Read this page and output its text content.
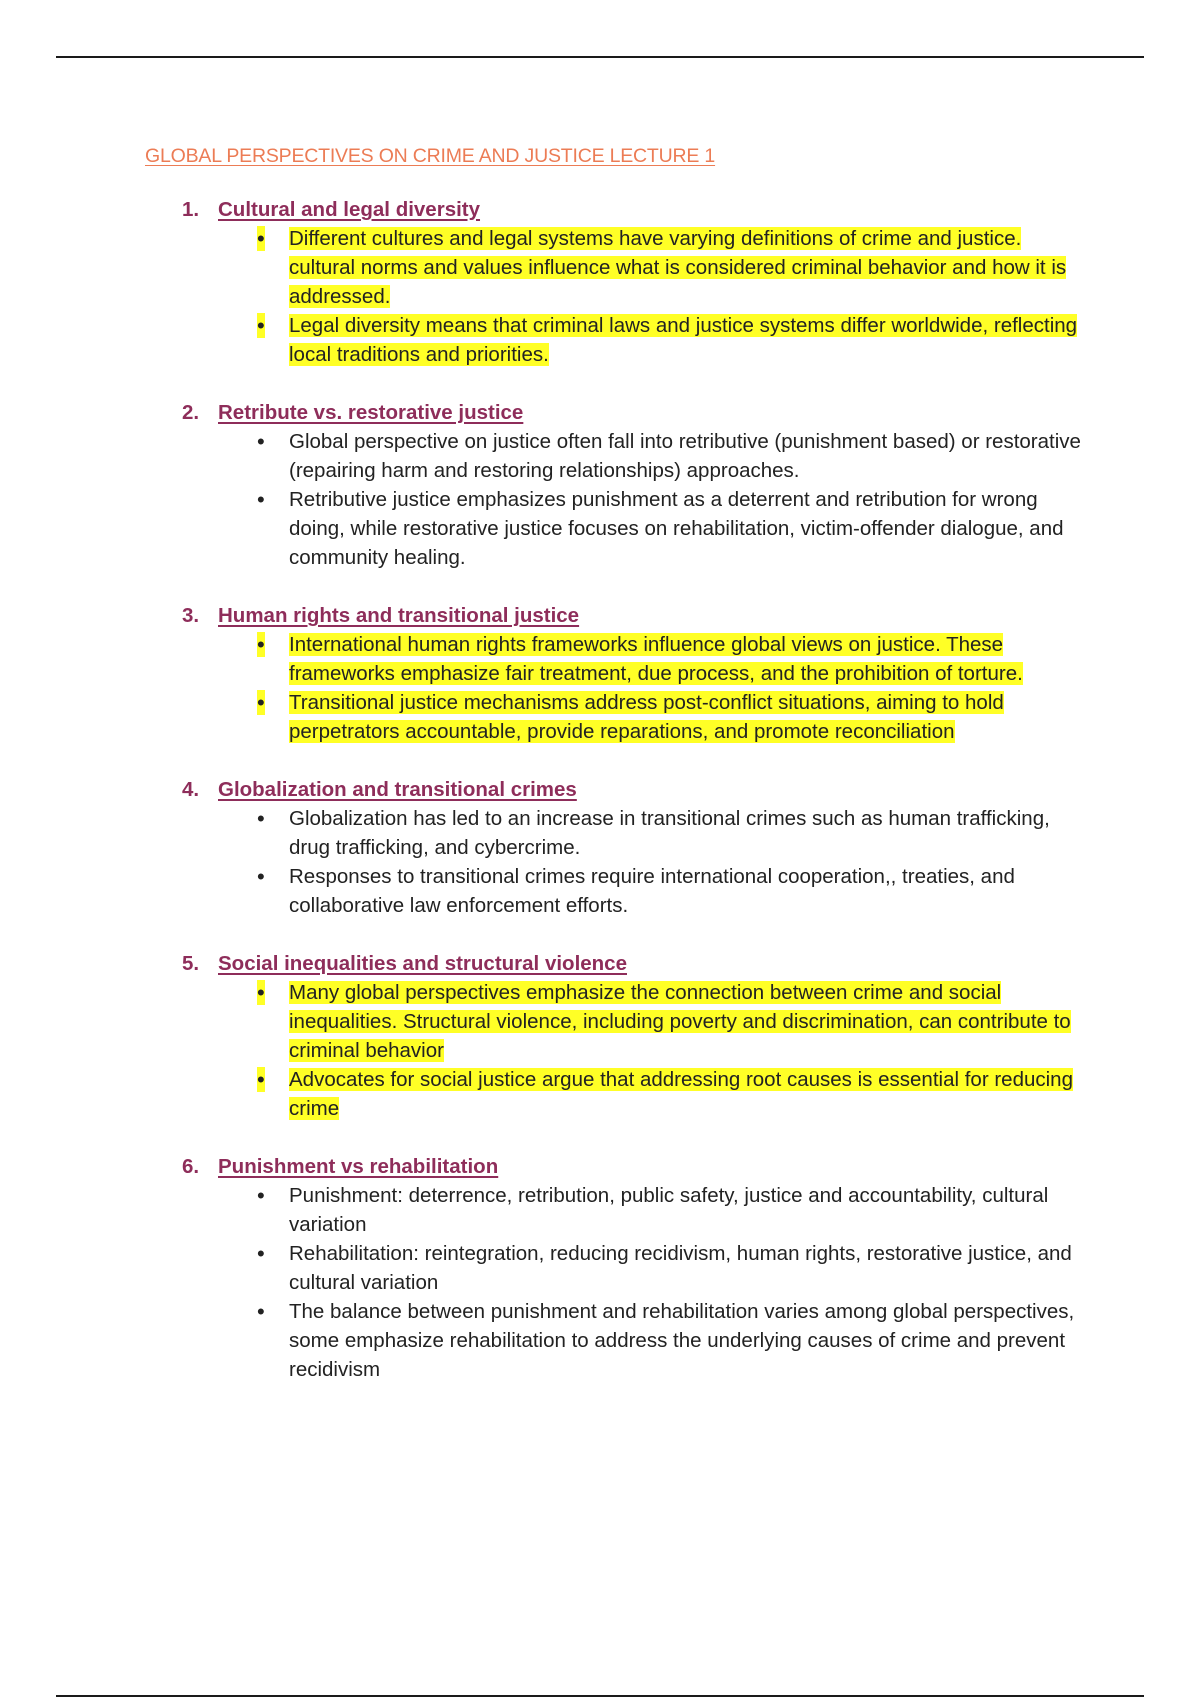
GLOBAL PERSPECTIVES ON CRIME AND JUSTICE LECTURE 1
1. Cultural and legal diversity
•	Different cultures and legal systems have varying definitions of crime and justice. cultural norms and values influence what is considered criminal behavior and how it is addressed.
•	Legal diversity means that criminal laws and justice systems differ worldwide, reflecting local traditions and priorities.
2. Retribute vs. restorative justice
•	Global perspective on justice often fall into retributive (punishment based) or restorative (repairing harm and restoring relationships) approaches.
•	Retributive justice emphasizes punishment as a deterrent and retribution for wrong doing, while restorative justice focuses on rehabilitation, victim-offender dialogue, and community healing.
3. Human rights and transitional justice
•	International human rights frameworks influence global views on justice. These frameworks emphasize fair treatment, due process, and the prohibition of torture.
•	Transitional justice mechanisms address post-conflict situations, aiming to hold perpetrators accountable, provide reparations, and promote reconciliation
4. Globalization and transitional crimes
•	Globalization has led to an increase in transitional crimes such as human trafficking, drug trafficking, and cybercrime.
•	Responses to transitional crimes require international cooperation,, treaties, and collaborative law enforcement efforts.
5. Social inequalities and structural violence
•	Many global perspectives emphasize the connection between crime and social inequalities. Structural violence, including poverty and discrimination, can contribute to criminal behavior
•	Advocates for social justice argue that addressing root causes is essential for reducing crime
6. Punishment vs rehabilitation
•	Punishment: deterrence, retribution, public safety, justice and accountability, cultural variation
•	Rehabilitation: reintegration, reducing recidivism, human rights, restorative justice, and cultural variation
•	The balance between punishment and rehabilitation varies among global perspectives, some emphasize rehabilitation to address the underlying causes of crime and prevent recidivism
